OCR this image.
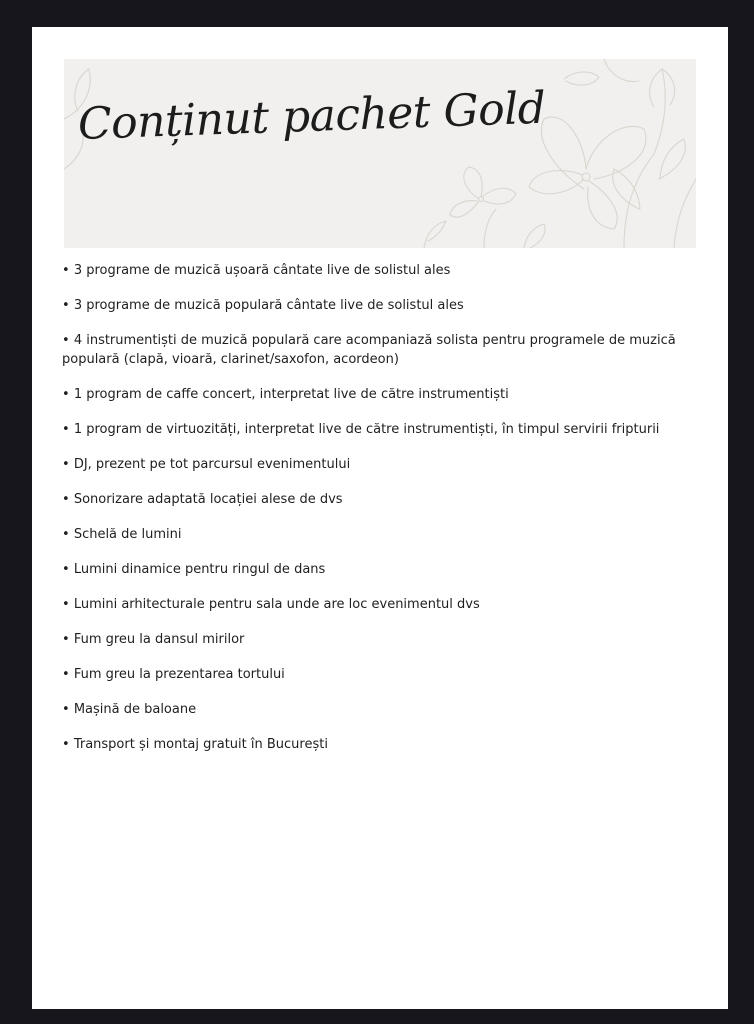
Conținut pachet Gold
• 3 programe de muzică ușoară cântate live de solistul ales
• 3 programe de muzică populară cântate live de solistul ales
• 4 instrumentiști de muzică populară care acompaniază solista pentru programele de muzică populară (clapă, vioară, clarinet/saxofon, acordeon)
• 1 program de caffe concert, interpretat live de către instrumentiști
• 1 program de virtuozități, interpretat live de către instrumentiști, în timpul servirii fripturii
• DJ, prezent pe tot parcursul evenimentului
• Sonorizare adaptată locației alese de dvs
• Schelă de lumini
• Lumini dinamice pentru ringul de dans
• Lumini arhitecturale pentru sala unde are loc evenimentul dvs
• Fum greu la dansul mirilor
• Fum greu la prezentarea tortului
• Mașină de baloane
• Transport și montaj gratuit în București
